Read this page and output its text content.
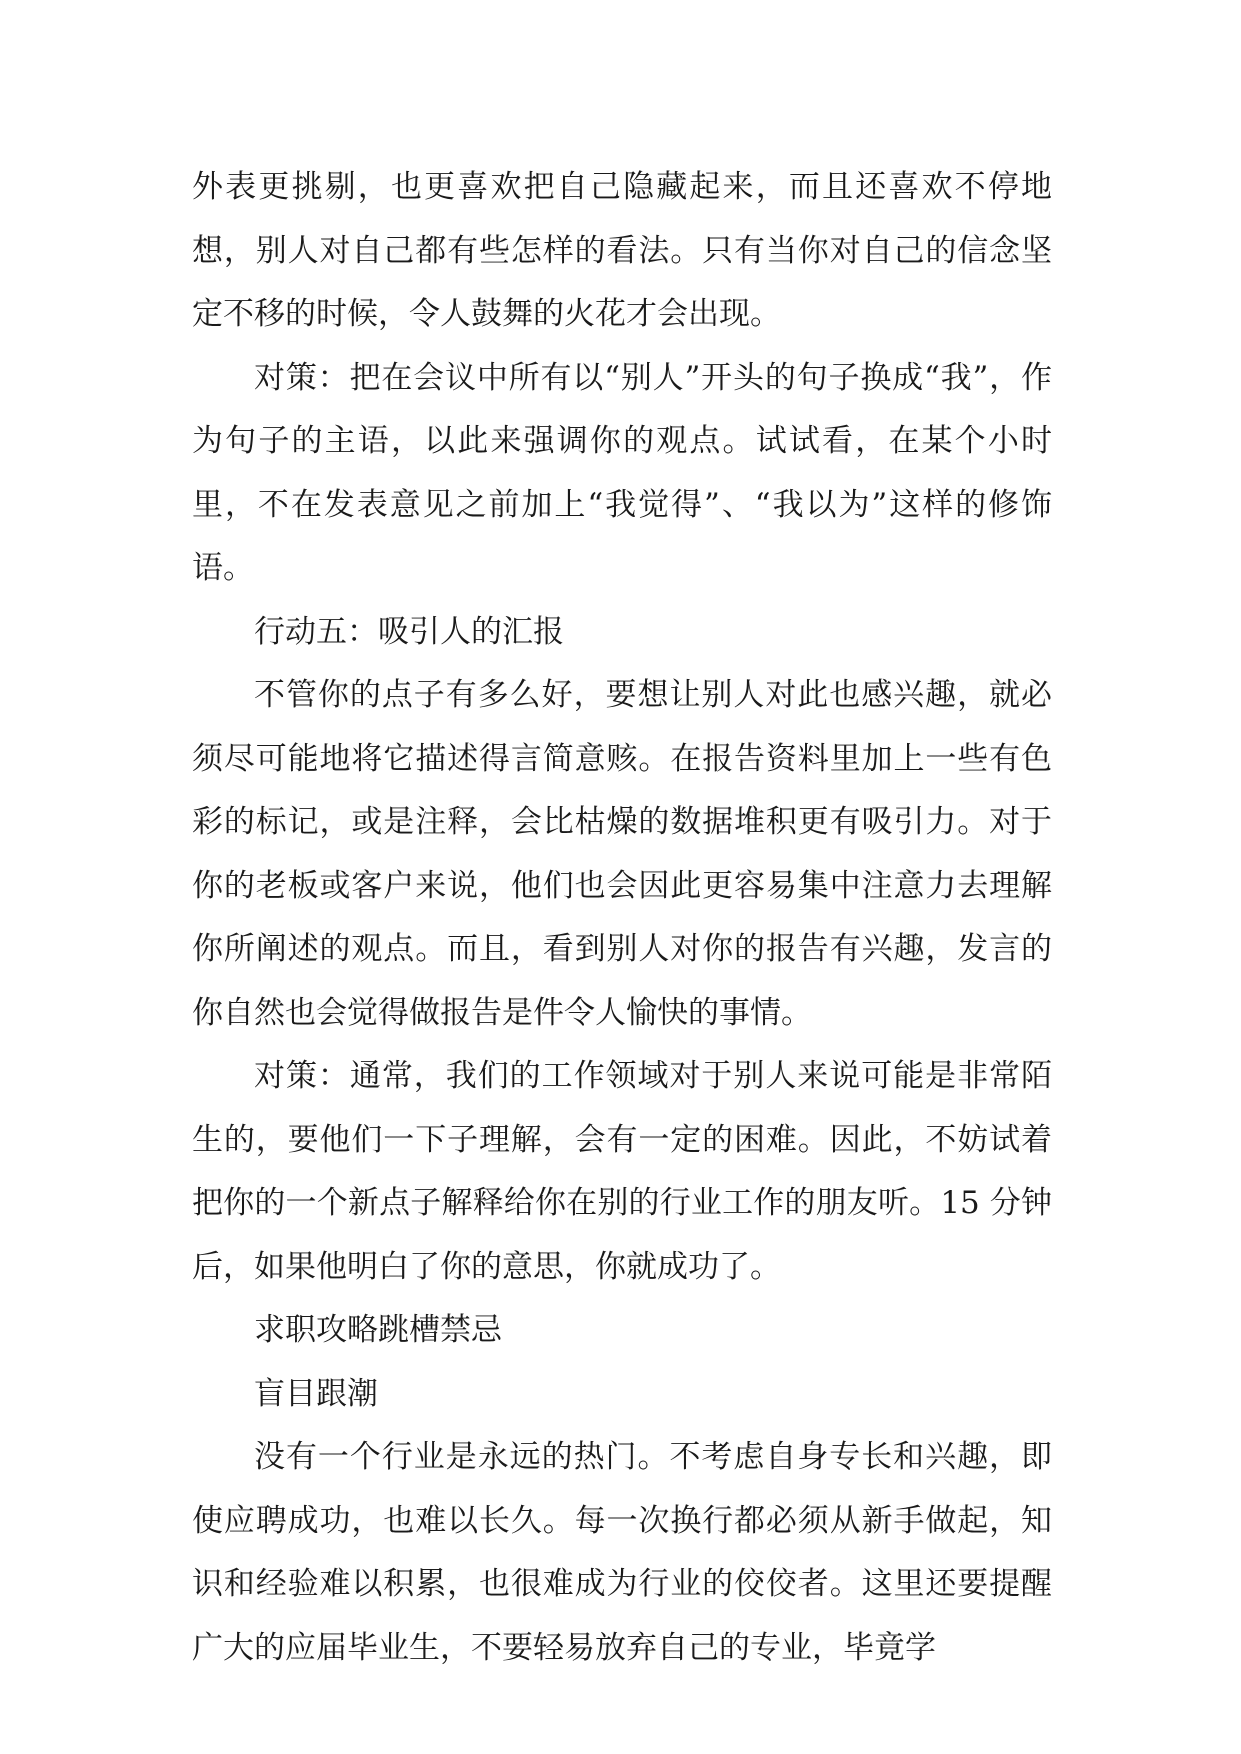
外表更挑剔，也更喜欢把自己隐藏起来，而且还喜欢不停地想，别人对自己都有些怎样的看法。只有当你对自己的信念坚定不移的时候，令人鼓舞的火花才会出现。

对策：把在会议中所有以“别人”开头的句子换成“我”，作为句子的主语，以此来强调你的观点。试试看，在某个小时里，不在发表意见之前加上“我觉得”、“我以为”这样的修饰语。

行动五：吸引人的汇报

不管你的点子有多么好，要想让别人对此也感兴趣，就必须尽可能地将它描述得言简意赅。在报告资料里加上一些有色彩的标记，或是注释，会比枯燥的数据堆积更有吸引力。对于你的老板或客户来说，他们也会因此更容易集中注意力去理解你所阐述的观点。而且，看到别人对你的报告有兴趣，发言的你自然也会觉得做报告是件令人愉快的事情。

对策：通常，我们的工作领域对于别人来说可能是非常陌生的，要他们一下子理解，会有一定的困难。因此，不妨试着把你的一个新点子解释给你在别的行业工作的朋友听。15 分钟后，如果他明白了你的意思，你就成功了。

求职攻略跳槽禁忌

盲目跟潮

没有一个行业是永远的热门。不考虑自身专长和兴趣，即使应聘成功，也难以长久。每一次换行都必须从新手做起，知识和经验难以积累，也很难成为行业的佼佼者。这里还要提醒广大的应届毕业生，不要轻易放弃自己的专业，毕竟学
